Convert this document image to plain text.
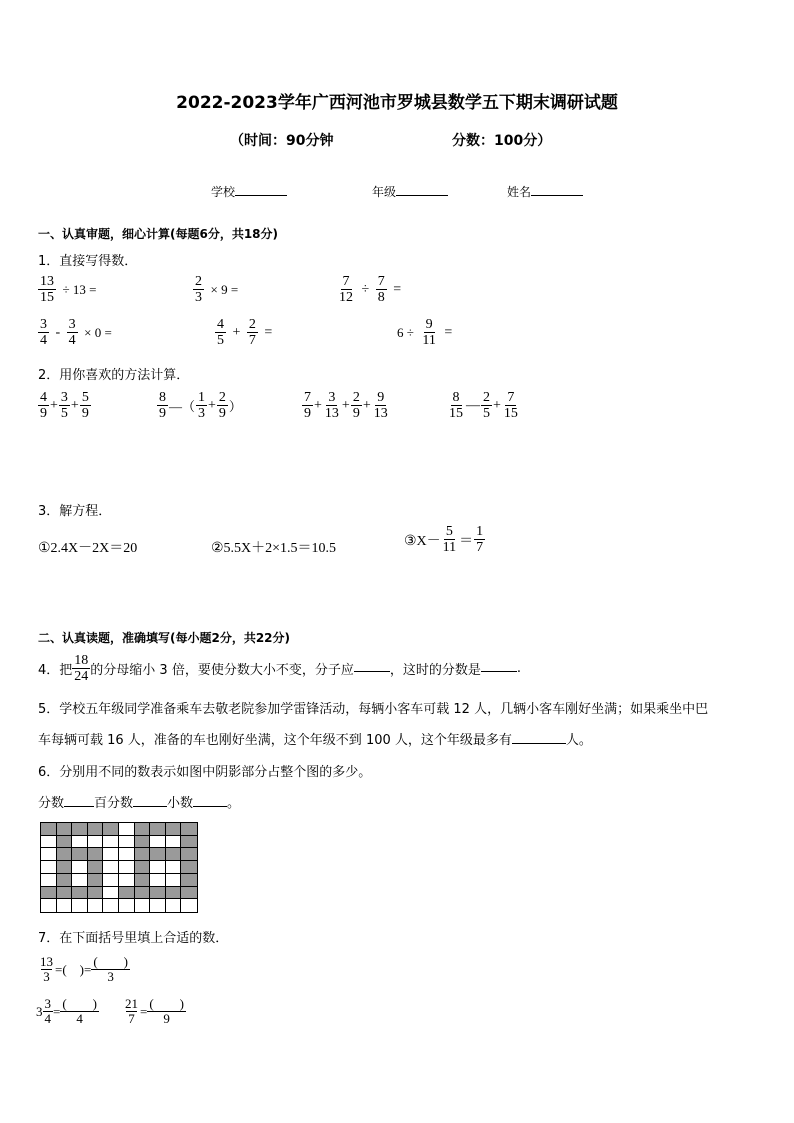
2022-2023学年广西河池市罗城县数学五下期末调研试题
（时间：90分钟	分数：100分）
学校	年级	姓名
一、认真审题，细心计算(每题6分，共18分)
1．直接写得数．
$\frac{13}{15} \div 13$ =	$\frac{2}{3} \times 9$ =	$\frac{7}{12} \div \frac{7}{8}$ =
$\frac{3}{4} - \frac{3}{4} \times 0$ =	$\frac{4}{5} + \frac{2}{7}$ =	$6 \div \frac{9}{11}$ =
2．用你喜欢的方法计算．
$\frac{4}{9} + \frac{3}{5} + \frac{5}{9}$	$\frac{8}{9}$ —（ $\frac{1}{3} + \frac{2}{9}$ ）	$\frac{7}{9} + \frac{3}{13} + \frac{2}{9} + \frac{9}{13}$	$\frac{8}{15}$ — $\frac{2}{5} + \frac{7}{15}$
3．解方程．
①2.4X－2X＝20	②5.5X＋2×1.5＝10.5	③X－ $\frac{5}{11} = \frac{1}{7}$
二、认真读题，准确填写(每小题2分，共22分)
4．把 $\frac{18}{24}$ 的分母缩小 3 倍，要使分数大小不变，分子应	，这时的分数是	.
5．学校五年级同学准备乘车去敬老院参加学雷锋活动，每辆小客车可载 12 人，几辆小客车刚好坐满；如果乘坐中巴
车每辆可载 16 人，准备的车也刚好坐满，这个年级不到 100 人，这个年级最多有	人。
6．分别用不同的数表示如图中阴影部分占整个图的多少。
分数 百分数	小数	。
7．在下面括号里填上合适的数．
$\frac{13}{3}$ =(    )= $\frac{( )}{3}$
$3 \frac{3}{4} = \frac{( )}{4} \frac{21}{7} = \frac{( )}{9}$
